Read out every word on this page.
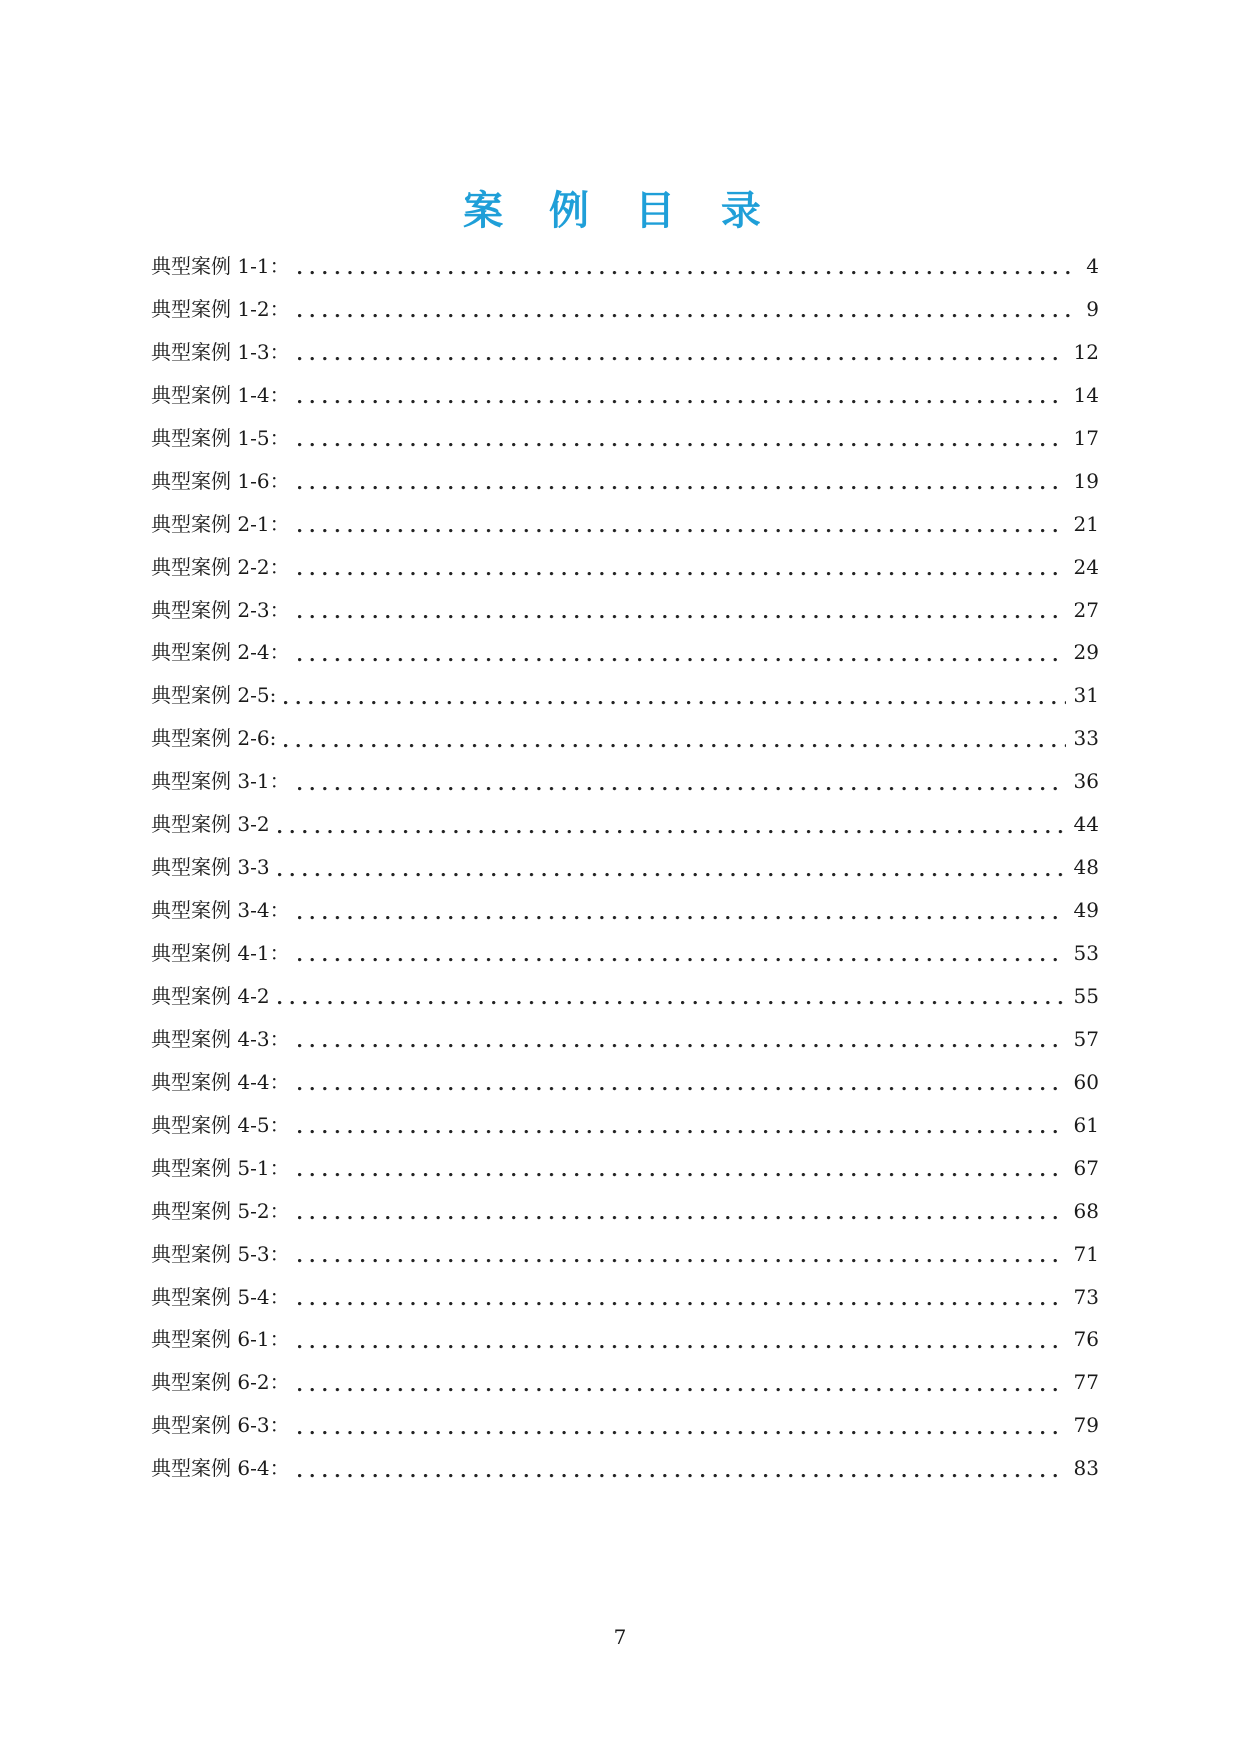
案 例 目 录
典型案例 1-1：	4
典型案例 1-2：	9
典型案例 1-3：	12
典型案例 1-4：	14
典型案例 1-5：	17
典型案例 1-6：	19
典型案例 2-1：	21
典型案例 2-2：	24
典型案例 2-3：	27
典型案例 2-4：	29
典型案例 2-5:	31
典型案例 2-6:	33
典型案例 3-1：	36
典型案例 3-2	44
典型案例 3-3	48
典型案例 3-4：	49
典型案例 4-1：	53
典型案例 4-2	55
典型案例 4-3：	57
典型案例 4-4：	60
典型案例 4-5：	61
典型案例 5-1：	67
典型案例 5-2：	68
典型案例 5-3：	71
典型案例 5-4：	73
典型案例 6-1：	76
典型案例 6-2：	77
典型案例 6-3：	79
典型案例 6-4：	83
7
